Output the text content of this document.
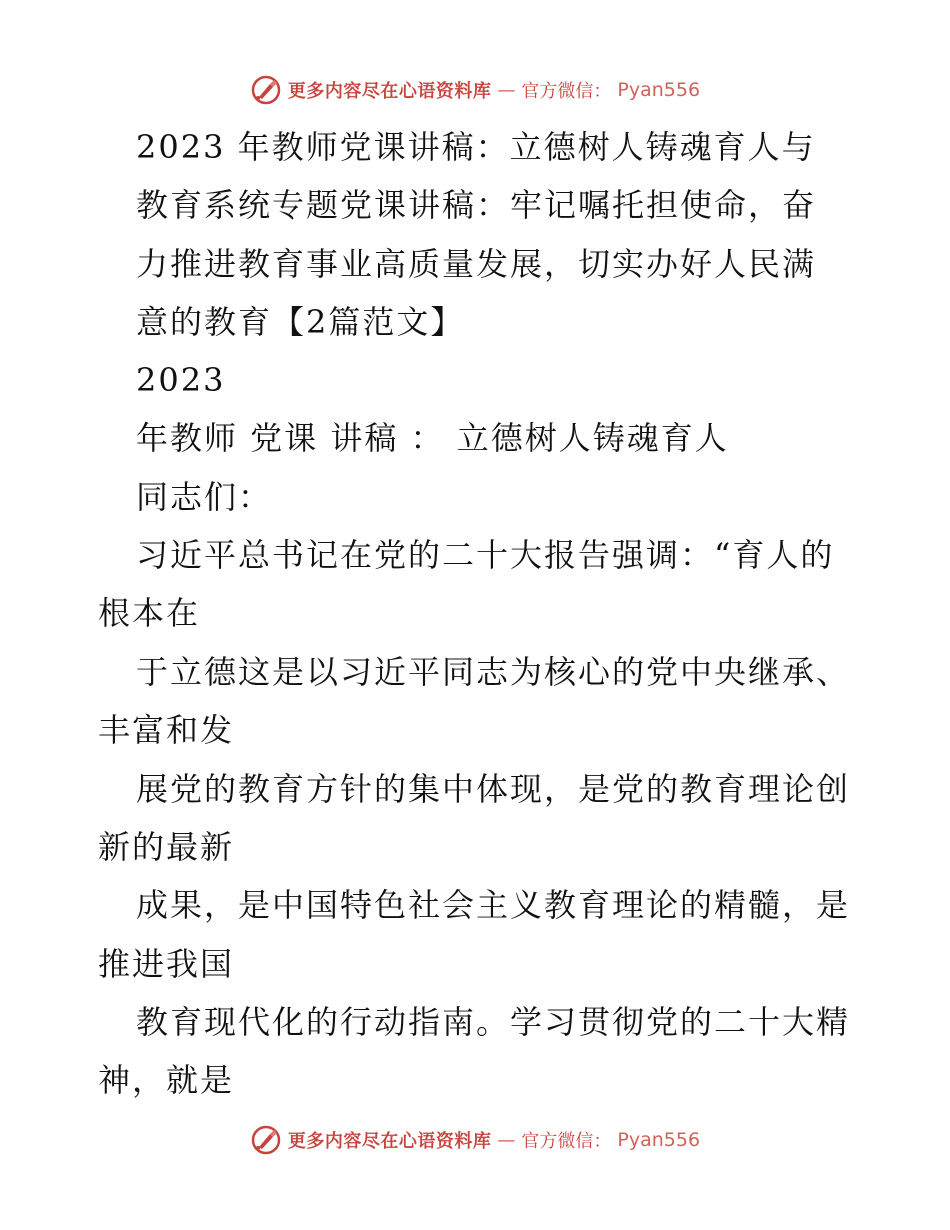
更多内容尽在心语资料库 — 官方微信： Pyan556
2023 年教师党课讲稿：立德树人铸魂育人与
教育系统专题党课讲稿：牢记嘱托担使命，奋
力推进教育事业高质量发展，切实办好人民满
意的教育【2篇范文】
2023
年教师 党课 讲稿 ： 立德树人铸魂育人
同志们：
习近平总书记在党的二十大报告强调：“育人的
根本在
于立德这是以习近平同志为核心的党中央继承、
丰富和发
展党的教育方针的集中体现，是党的教育理论创
新的最新
成果，是中国特色社会主义教育理论的精髓，是
推进我国
教育现代化的行动指南。学习贯彻党的二十大精
神，就是
更多内容尽在心语资料库 — 官方微信： Pyan556
